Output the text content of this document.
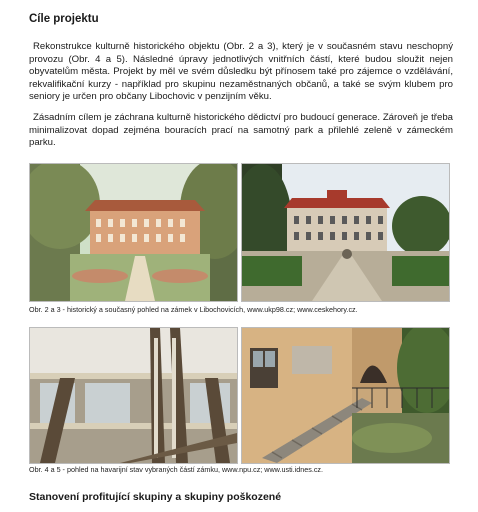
Cíle projektu

Rekonstrukce kulturně historického objektu (Obr. 2 a 3), který je v současném stavu neschopný provozu (Obr. 4 a 5). Následné úpravy jednotlivých vnitřních částí, které budou sloužit nejen obyvatelům města. Projekt by měl ve svém důsledku být přínosem také pro zájemce o vzdělávání, rekvalifikační kurzy - například pro skupinu nezaměstnaných občanů, a také se svým klubem pro seniory je určen pro občany Libochovic v penzijním věku.

Zásadním cílem je záchrana kulturně historického dědictví pro budoucí generace. Zároveň je třeba minimalizovat dopad zejména bouracích prací na samotný park a přilehlé zeleně v zámeckém parku.

Obr. 2 a 3 - historický a současný pohled na zámek v Libochovicích, www.ukp98.cz; www.ceskehory.cz.
Obr. 4 a 5 - pohled na havarijní stav vybraných částí zámku, www.npu.cz; www.usti.idnes.cz.
Stanovení profitující skupiny a skupiny poškozené
